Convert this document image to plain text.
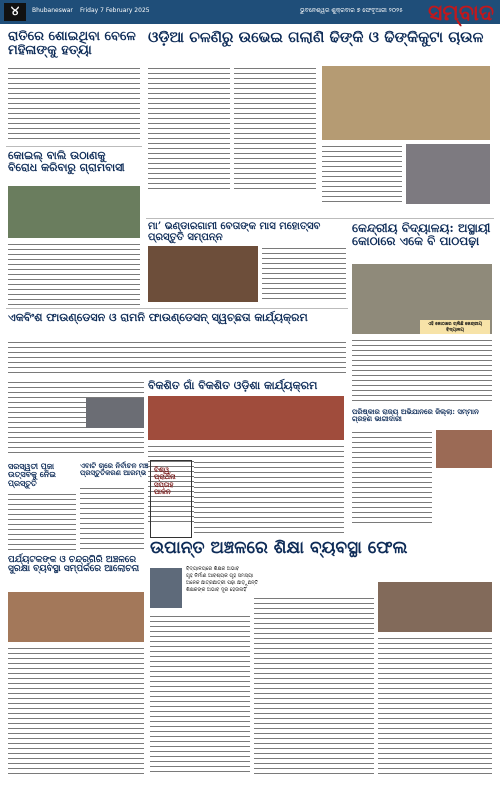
୪	Bhubaneswar Friday 7 February 2025	ଭୁବନେଶ୍ୱର ଶୁକ୍ରବାର ୭ ଫେବୃଆରୀ ୨୦୨୫ ସମ୍ବାଦ
ରାତିରେ ଶୋଇଥିବା ବେଳେ ମହିଳାଙ୍କୁ ହତ୍ୟା
ଓଡ଼ିଆ ଚଳଣିରୁ ଉଭେଇ ଗଲାଣି ଢିଙ୍କି ଓ ଢିଙ୍କିକୁଟା ଚାଉଳ
କୋଇଲ୍ ବାଲି ଉଠାଣକୁ ବିରୋଧ କରିବାରୁ ଗ୍ରାମବାସୀ
ମା’ ଭଣ୍ଡାରଗାମୀ ବେତାଙ୍କ ମାସ ମହୋତ୍ସବ ପ୍ରସ୍ତୁତି ସମ୍ପନ୍ନ
କେନ୍ଦ୍ରୀୟ ବିଦ୍ୟାଳୟ: ଅସ୍ଥାୟୀ କୋଠାରେ ଏକେ ବି ପାଠପଢ଼ା
ଏହି କୋଠାରେ ଚାଲିଛି କେନ୍ଦ୍ରୀୟ ବିଦ୍ୟାଳୟ
ଏକବିଂଶ ଫାଉଣ୍ଡେସନ ଓ ରାମନି ଫାଉଣ୍ଡେସନ୍ ସ୍ୱଚ୍ଛତା କାର୍ଯ୍ୟକ୍ରମ
ବିକଶିତ ଗାଁ ବିକଶିତ ଓଡ଼ିଶା କାର୍ଯ୍ୟକ୍ରମ
ପରିଷ୍କାର ରାଜ୍ୟ ଅଭିଯାନରେ ଜିଲ୍ଲା: ସମ୍ମାନ ଗ୍ରହଣ ଭାଗୀଦାରୀ
ସରସ୍ୱତୀ ପୂଜା ଉତ୍ସବକୁ ନେଇ ପ୍ରସ୍ତୁତି
ଏବାଟି ଚାରେ ନିର୍ବାଚନ ମଞ୍ଚ ପ୍ରସ୍ତୁତିକରଣ ଆରମ୍ଭ	ବିଶ୍ୱ ପ୍ରାର୍ଥନା ସପ୍ତାହ ପାଳନ
ଉପାନ୍ତ ଅଞ୍ଚଳରେ ଶିକ୍ଷା ବ୍ୟବସ୍ଥା ଫେଲ
ବିଦ୍ୟାଳୟରେ ଶିକ୍ଷକ ଅଭାବ
ଗୃହ ନିର୍ମାଣ ଆବଶ୍ୟକ ଗୃହ ସମସ୍ୟା
ଅନେକ ଛାତ୍ରଛାତ୍ରୀ ପଢ଼ା ଛାଡ଼ୁଛନ୍ତି
ଶିକ୍ଷକଙ୍କ ଅଭାବ ଦୂର ହେଉନାହିଁ
ପର୍ଯ୍ୟଟକଙ୍କ ଓ ଚନ୍ଦ୍ରଗିରି ଅଞ୍ଚଳରେ ସୁରକ୍ଷା ବ୍ୟବସ୍ଥା ସମ୍ପର୍କରେ ଆଲୋଚନା
